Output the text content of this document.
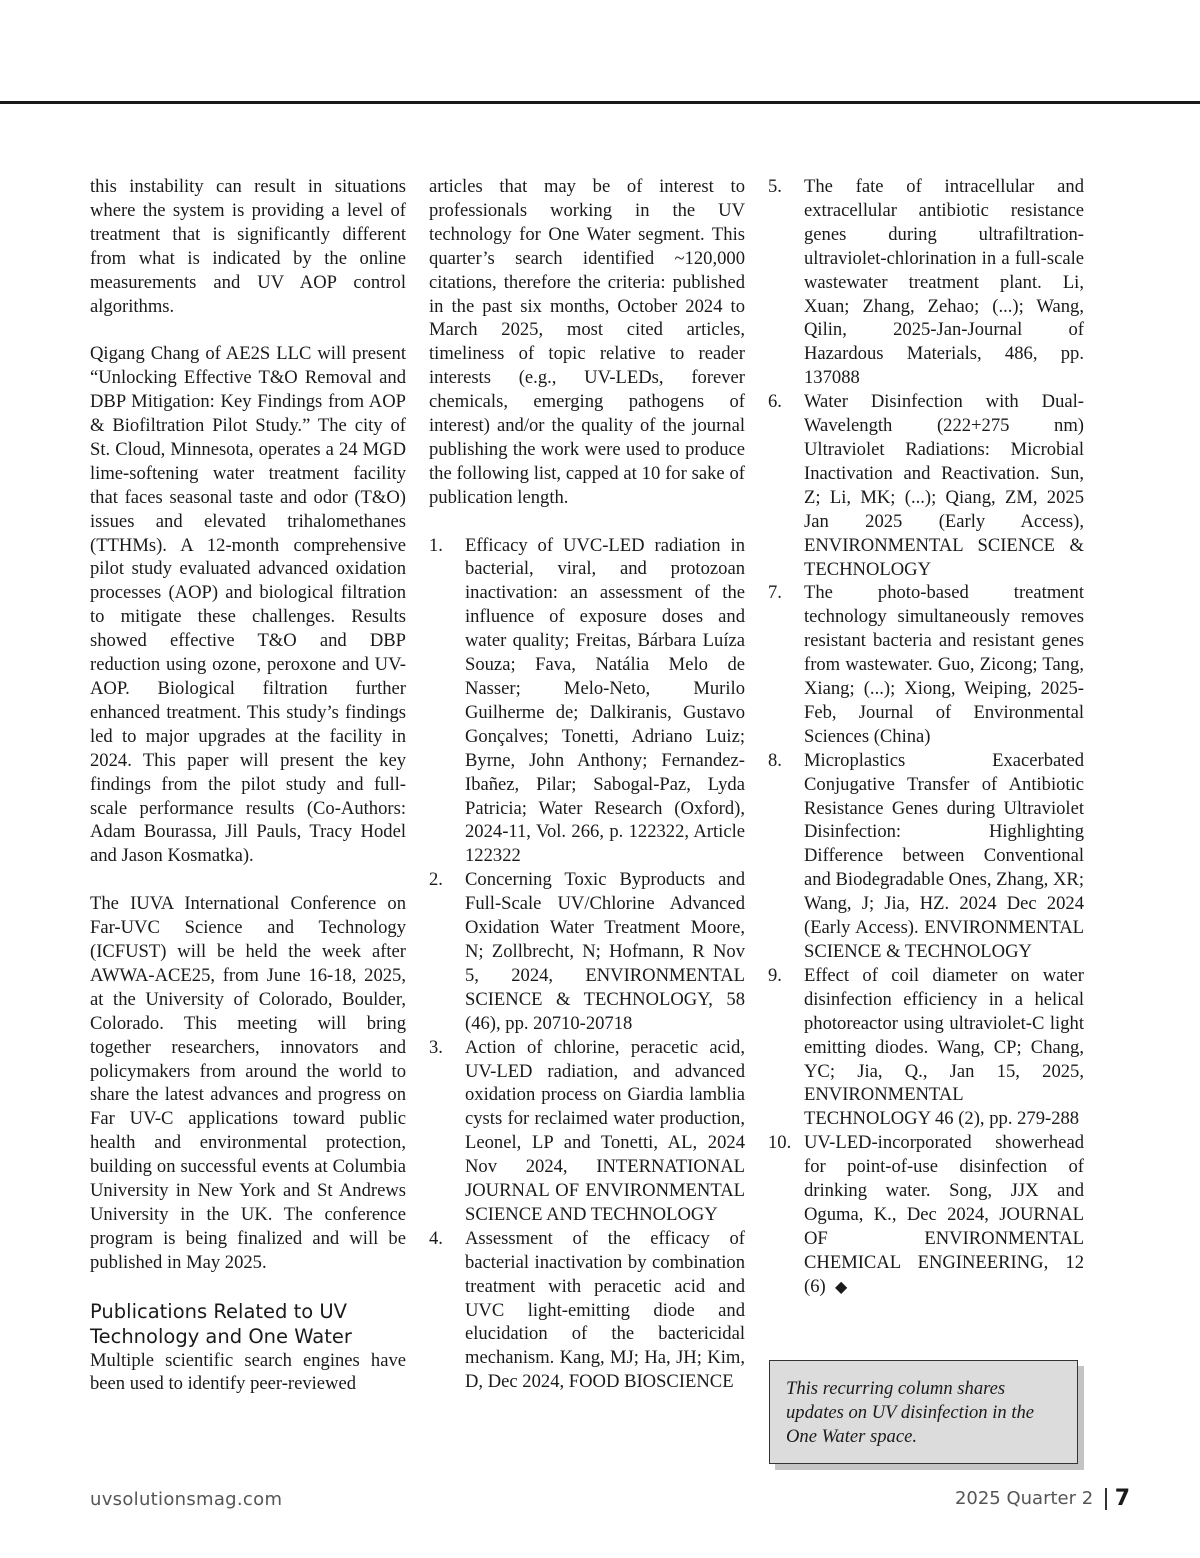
this instability can result in situations where the system is providing a level of treatment that is significantly different from what is indicated by the online measurements and UV AOP control algorithms.

Qigang Chang of AE2S LLC will present “Unlocking Effective T&O Removal and DBP Mitigation: Key Findings from AOP & Biofiltration Pilot Study.” The city of St. Cloud, Minnesota, operates a 24 MGD lime-softening water treatment facility that faces seasonal taste and odor (T&O) issues and elevated trihalomethanes (TTHMs). A 12-month comprehensive pilot study evaluated advanced oxidation processes (AOP) and biological filtration to mitigate these challenges. Results showed effective T&O and DBP reduction using ozone, peroxone and UV-AOP. Biological filtration further enhanced treatment. This study’s findings led to major upgrades at the facility in 2024. This paper will present the key findings from the pilot study and full-scale performance results (Co-Authors: Adam Bourassa, Jill Pauls, Tracy Hodel and Jason Kosmatka).

The IUVA International Conference on Far-UVC Science and Technology (ICFUST) will be held the week after AWWA-ACE25, from June 16-18, 2025, at the University of Colorado, Boulder, Colorado. This meeting will bring together researchers, innovators and policymakers from around the world to share the latest advances and progress on Far UV-C applications toward public health and environmental protection, building on successful events at Columbia University in New York and St Andrews University in the UK. The conference program is being finalized and will be published in May 2025.

Publications Related to UV Technology and One Water

Multiple scientific search engines have been used to identify peer-reviewed

articles that may be of interest to professionals working in the UV technology for One Water segment. This quarter’s search identified ~120,000 citations, therefore the criteria: published in the past six months, October 2024 to March 2025, most cited articles, timeliness of topic relative to reader interests (e.g., UV-LEDs, forever chemicals, emerging pathogens of interest) and/or the quality of the journal publishing the work were used to produce the following list, capped at 10 for sake of publication length.

1. Efficacy of UVC-LED radiation in bacterial, viral, and protozoan inactivation: an assessment of the influence of exposure doses and water quality; Freitas, Bárbara Luíza Souza; Fava, Natália Melo de Nasser; Melo-Neto, Murilo Guilherme de; Dalkiranis, Gustavo Gonçalves; Tonetti, Adriano Luiz; Byrne, John Anthony; Fernandez-Ibañez, Pilar; Sabogal-Paz, Lyda Patricia; Water Research (Oxford), 2024-11, Vol. 266, p. 122322, Article 122322
2. Concerning Toxic Byproducts and Full-Scale UV/Chlorine Advanced Oxidation Water Treatment Moore, N; Zollbrecht, N; Hofmann, R Nov 5, 2024, ENVIRONMENTAL SCIENCE & TECHNOLOGY, 58 (46), pp. 20710-20718
3. Action of chlorine, peracetic acid, UV-LED radiation, and advanced oxidation process on Giardia lamblia cysts for reclaimed water production, Leonel, LP and Tonetti, AL, 2024 Nov 2024, INTERNATIONAL JOURNAL OF ENVIRONMENTAL SCIENCE AND TECHNOLOGY
4. Assessment of the efficacy of bacterial inactivation by combination treatment with peracetic acid and UVC light-emitting diode and elucidation of the bactericidal mechanism. Kang, MJ; Ha, JH; Kim, D, Dec 2024, FOOD BIOSCIENCE
5. The fate of intracellular and extracellular antibiotic resistance genes during ultrafiltration-ultraviolet-chlorination in a full-scale wastewater treatment plant. Li, Xuan; Zhang, Zehao; (...); Wang, Qilin, 2025-Jan-Journal of Hazardous Materials, 486, pp. 137088
6. Water Disinfection with Dual-Wavelength (222+275 nm) Ultraviolet Radiations: Microbial Inactivation and Reactivation. Sun, Z; Li, MK; (...); Qiang, ZM, 2025 Jan 2025 (Early Access), ENVIRONMENTAL SCIENCE & TECHNOLOGY
7. The photo-based treatment technology simultaneously removes resistant bacteria and resistant genes from wastewater. Guo, Zicong; Tang, Xiang; (...); Xiong, Weiping, 2025-Feb, Journal of Environmental Sciences (China)
8. Microplastics Exacerbated Conjugative Transfer of Antibiotic Resistance Genes during Ultraviolet Disinfection: Highlighting Difference between Conventional and Biodegradable Ones, Zhang, XR; Wang, J; Jia, HZ. 2024 Dec 2024 (Early Access). ENVIRONMENTAL SCIENCE & TECHNOLOGY
9. Effect of coil diameter on water disinfection efficiency in a helical photoreactor using ultraviolet-C light emitting diodes. Wang, CP; Chang, YC; Jia, Q., Jan 15, 2025, ENVIRONMENTAL TECHNOLOGY 46 (2), pp. 279-288
10. UV-LED-incorporated showerhead for point-of-use disinfection of drinking water. Song, JJX and Oguma, K., Dec 2024, JOURNAL OF ENVIRONMENTAL CHEMICAL ENGINEERING, 12 (6) ◆

This recurring column shares updates on UV disinfection in the One Water space.

uvsolutionsmag.com	2025 Quarter 2 7
